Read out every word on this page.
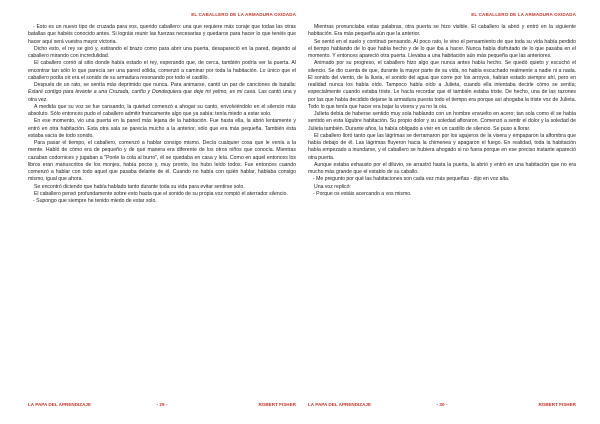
EL CABALLERO DE LA ARMADURA OXIDADA

- Esto es un nuevo tipo de cruzada para vos, querido caballero: una que requiere más coraje que todas las otras batallas que habéis conocido antes. Si lográis reunir las fuerzas necesarias y quedaros para hacer lo que tenéis que hacer aquí será vuestra mayor victoria.

Dicho esto, el rey se giró y, estirando el brazo como para abrir una puerta, desapareció en la pared, dejando al caballero mirando con incredulidad.

El caballero corrió al sitio donde había estado el rey, esperando que, de cerca, también podría ver la puerta. Al encontrar tan sólo lo que parecía ser una pared sólida, comenzó a caminar por toda la habitación. Lo único que el caballero podía oír era el sonido de su armadura resonando por todo el castillo.

Después de un rato, se sentía más deprimido que nunca. Para animarse, cantó un par de canciones de batalla: Estaré contigo para levante a una Cruzada, cariño y Dondequiera que deje mi yelmo, es mi casa. Las cantó una y otra vez.

A medida que su voz se fue cansando, la quietud comenzó a ahogar su canto, envolviéndolo en el silencio más absoluto. Sólo entonces pudo el caballero admitir francamente algo que ya sabía: tenía miedo a estar solo.

En ese momento, vio una puerta en la pared más lejana de la habitación. Fue hasta ella, la abrió lentamente y entró en otra habitación. Esta otra sala se parecía mucho a la anterior, sólo que era más pequeña. También ésta estaba vacía de todo sonido.

Para pasar el tiempo, el caballero, comenzó a hablar consigo mismo. Decía cualquier cosa que le venía a la mente. Habló de cómo era de pequeño y de qué manera era diferente de los otros niños que conocía. Mientras cazaban codornices y jugaban a "Ponle la cola al burro", él se quedaba en casa y leía. Como en aquel entonces los libros eran manuscritos de los monjes, había pocos y, muy pronto, los hubo leído todos. Fue entonces cuando comenzó a hablar con todo aquel que pasaba delante de él. Cuando no había con quién hablar, hablaba consigo mismo, igual que ahora.

Se encontró diciendo que había hablado tanto durante toda su vida para evitar sentirse solo.

El caballero pensó profundamente sobre esto hasta que el sonido de su propia voz rompió el aterrador silencio.

- Supongo que siempre he tenido miedo de estar solo.

LA PAPA DEL APRENDIZAJE	- 29 -	ROBERT FISHER
EL CABALLERO DE LA ARMADURA OXIDADA

Mientras pronunciaba estas palabras, otra puerta se hizo visible. El caballero la abrió y entró en la siguiente habitación. Era más pequeña aún que la anterior.

Se sentó en el suelo y continuó pensando. Al poco rato, le vino el pensamiento de que toda su vida había perdido el tiempo hablando de lo que había hecho y de lo que iba a hacer. Nunca había disfrutado de lo que pasaba en el momento. Y entonces apareció otra puerta. Llevaba a una habitación aún más pequeña que las anteriores.

Animado por su progreso, el caballero hizo algo que nunca antes había hecho. Se quedó quieto y escuchó el silencio. Se dio cuenta de que, durante la mayor parte de su vida, no había escuchado realmente a nadie ni a nada. El sonido del viento, de la lluvia, el sonido del agua que corre por los arroyos, habían estado siempre ahí, pero en realidad nunca los había oído. Tampoco había oído a Julieta, cuando ella intentaba decirle cómo se sentía; especialmente cuando estaba triste. Le hacía recordar que él también estaba triste. De hecho, una de las razones por las que había decidido dejarse la armadura puesta todo el tiempo era porque así ahogaba la triste voz de Julieta. Todo lo que tenía que hacer era bajar la visera y ya no la oía.

Julieta debía de haberse sentido muy sola hablando con un hombre envuelto en acero; tan sola como él se había sentido en esta lúgubre habitación. Su propio dolor y su soledad afloraron. Comenzó a sentir el dolor y la soledad de Julieta también. Durante años, la había obligado a vivir en un castillo de silencio. Se puso a llorar.

El caballero lloró tanto que las lágrimas se derramaron por los agujeros de la visera y empaparon la alfombra que había debajo de él. Las lágrimas fluyeron hacia la chimenea y apagaron el fuego. En realidad, toda la habitación había empezado a inundarse, y el caballero se hubiera ahogado si no fuera porque en ese preciso instante apareció otra puerta.

Aunque estaba exhausto por el diluvio, se arrastró hasta la puerta, la abrió y entró en una habitación que no era mucho más grande que el establo de su caballo.

- Me pregunto por qué las habitaciones son cada vez más pequeñas - dijo en voz alta.

Una voz replicó:

- Porque os estáis acercando a vos mismo.

LA PAPA DEL APRENDIZAJE	- 30 -	ROBERT FISHER
